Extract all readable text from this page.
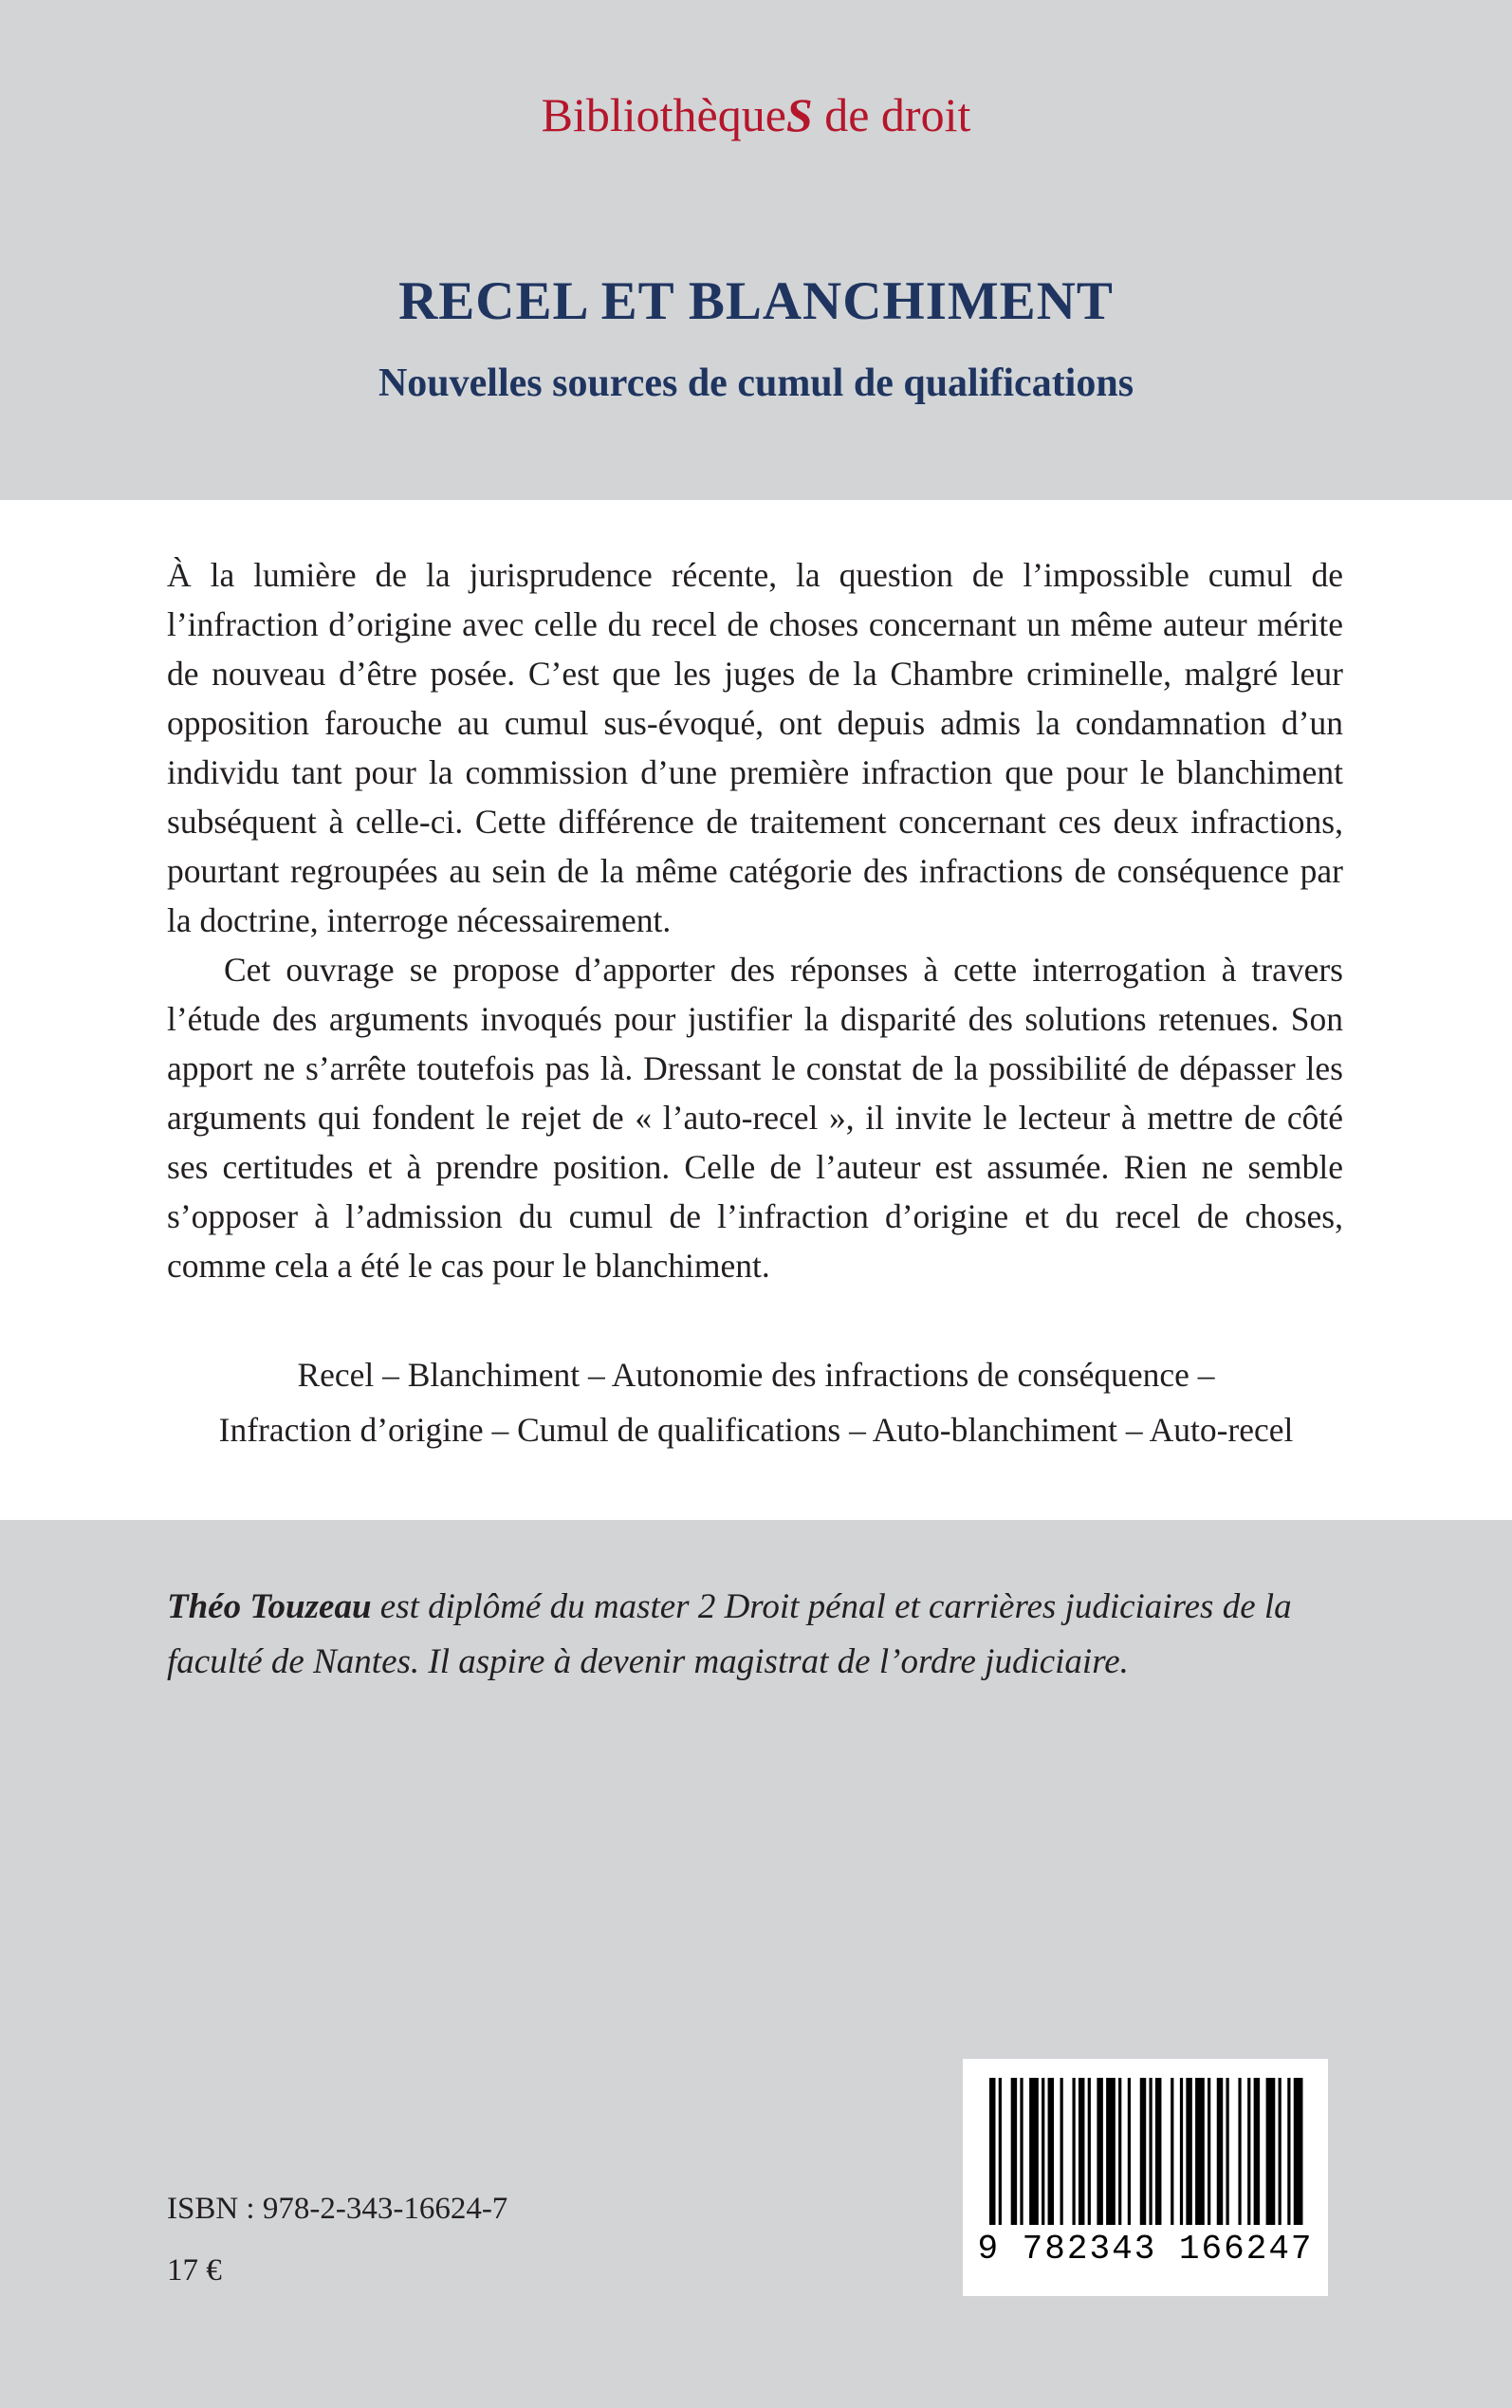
BibliothèqueS de droit
RECEL ET BLANCHIMENT
Nouvelles sources de cumul de qualifications

À la lumière de la jurisprudence récente, la question de l’impossible cumul de l’infraction d’origine avec celle du recel de choses concernant un même auteur mérite de nouveau d’être posée. C’est que les juges de la Chambre criminelle, malgré leur opposition farouche au cumul sus-évoqué, ont depuis admis la condamnation d’un individu tant pour la commission d’une première infraction que pour le blanchiment subséquent à celle-ci. Cette différence de traitement concernant ces deux infractions, pourtant regroupées au sein de la même catégorie des infractions de conséquence par la doctrine, interroge nécessairement.

Cet ouvrage se propose d’apporter des réponses à cette interrogation à travers l’étude des arguments invoqués pour justifier la disparité des solutions retenues. Son apport ne s’arrête toutefois pas là. Dressant le constat de la possibilité de dépasser les arguments qui fondent le rejet de « l’auto-recel », il invite le lecteur à mettre de côté ses certitudes et à prendre position. Celle de l’auteur est assumée. Rien ne semble s’opposer à l’admission du cumul de l’infraction d’origine et du recel de choses, comme cela a été le cas pour le blanchiment.

Recel – Blanchiment – Autonomie des infractions de conséquence –
Infraction d’origine – Cumul de qualifications – Auto-blanchiment – Auto-recel

Théo Touzeau est diplômé du master 2 Droit pénal et carrières judiciaires de la faculté de Nantes. Il aspire à devenir magistrat de l’ordre judiciaire.

9 782343 166247
ISBN : 978-2-343-16624-7
17 €
